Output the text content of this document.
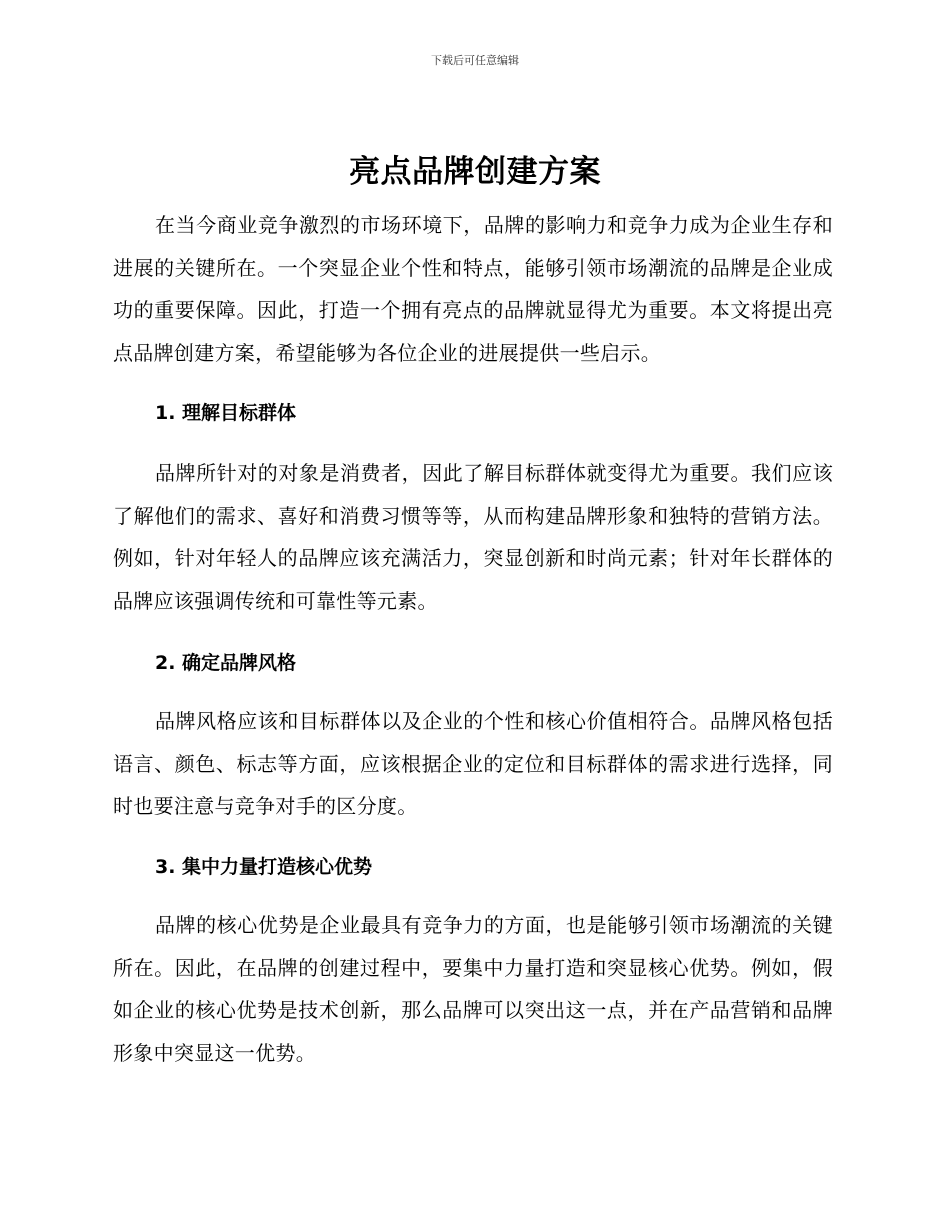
下载后可任意编辑
亮点品牌创建方案

在当今商业竞争激烈的市场环境下，品牌的影响力和竞争力成为企业生存和进展的关键所在。一个突显企业个性和特点，能够引领市场潮流的品牌是企业成功的重要保障。因此，打造一个拥有亮点的品牌就显得尤为重要。本文将提出亮点品牌创建方案，希望能够为各位企业的进展提供一些启示。

1. 理解目标群体

品牌所针对的对象是消费者，因此了解目标群体就变得尤为重要。我们应该了解他们的需求、喜好和消费习惯等等，从而构建品牌形象和独特的营销方法。例如，针对年轻人的品牌应该充满活力，突显创新和时尚元素；针对年长群体的品牌应该强调传统和可靠性等元素。

2. 确定品牌风格

品牌风格应该和目标群体以及企业的个性和核心价值相符合。品牌风格包括语言、颜色、标志等方面，应该根据企业的定位和目标群体的需求进行选择，同时也要注意与竞争对手的区分度。

3. 集中力量打造核心优势

品牌的核心优势是企业最具有竞争力的方面，也是能够引领市场潮流的关键所在。因此，在品牌的创建过程中，要集中力量打造和突显核心优势。例如，假如企业的核心优势是技术创新，那么品牌可以突出这一点，并在产品营销和品牌形象中突显这一优势。
